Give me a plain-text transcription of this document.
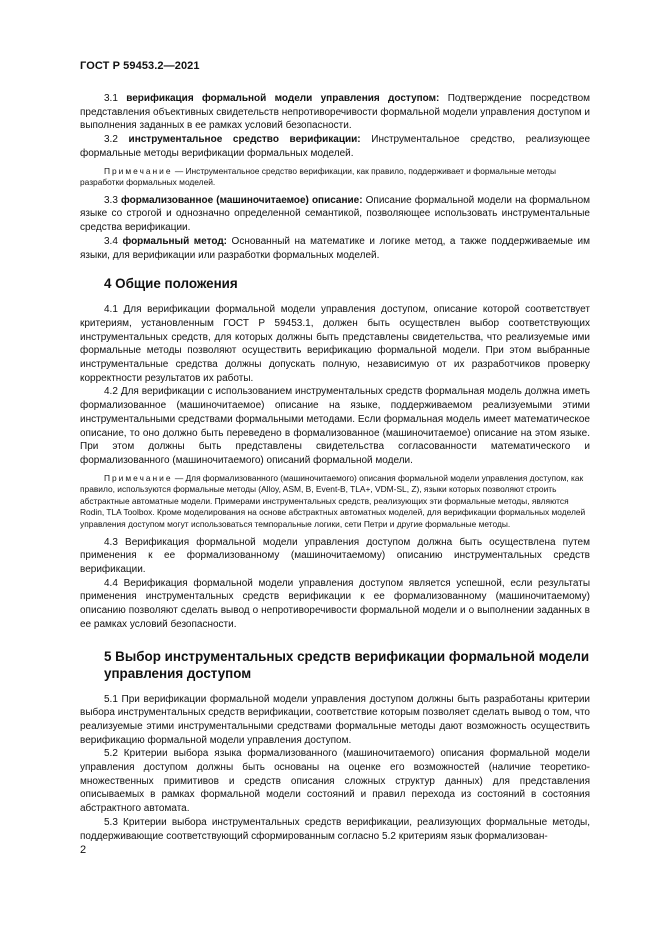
ГОСТ Р 59453.2—2021

3.1 верификация формальной модели управления доступом: Подтверждение посредством представления объективных свидетельств непротиворечивости формальной модели управления доступом и выполнения заданных в ее рамках условий безопасности.

3.2 инструментальное средство верификации: Инструментальное средство, реализующее формальные методы верификации формальных моделей.

Примечание — Инструментальное средство верификации, как правило, поддерживает и формальные методы разработки формальных моделей.

3.3 формализованное (машиночитаемое) описание: Описание формальной модели на формальном языке со строгой и однозначно определенной семантикой, позволяющее использовать инструментальные средства верификации.

3.4 формальный метод: Основанный на математике и логике метод, а также поддерживаемые им языки, для верификации или разработки формальных моделей.

4 Общие положения

4.1 Для верификации формальной модели управления доступом, описание которой соответствует критериям, установленным ГОСТ Р 59453.1, должен быть осуществлен выбор соответствующих инструментальных средств, для которых должны быть представлены свидетельства, что реализуемые ими формальные методы позволяют осуществить верификацию формальной модели. При этом выбранные инструментальные средства должны допускать полную, независимую от их разработчиков проверку корректности результатов их работы.

4.2 Для верификации с использованием инструментальных средств формальная модель должна иметь формализованное (машиночитаемое) описание на языке, поддерживаемом реализуемыми этими инструментальными средствами формальными методами. Если формальная модель имеет математическое описание, то оно должно быть переведено в формализованное (машиночитаемое) описание на этом языке. При этом должны быть представлены свидетельства согласованности математического и формализованного (машиночитаемого) описаний формальной модели.

Примечание — Для формализованного (машиночитаемого) описания формальной модели управления доступом, как правило, используются формальные методы (Alloy, ASM, B, Event-B, TLA+, VDM-SL, Z), языки которых позволяют строить абстрактные автоматные модели. Примерами инструментальных средств, реализующих эти формальные методы, являются Rodin, TLA Toolbox. Кроме моделирования на основе абстрактных автоматных моделей, для верификации формальных моделей управления доступом могут использоваться темпоральные логики, сети Петри и другие формальные методы.

4.3 Верификация формальной модели управления доступом должна быть осуществлена путем применения к ее формализованному (машиночитаемому) описанию инструментальных средств верификации.

4.4 Верификация формальной модели управления доступом является успешной, если результаты применения инструментальных средств верификации к ее формализованному (машиночитаемому) описанию позволяют сделать вывод о непротиворечивости формальной модели и о выполнении заданных в ее рамках условий безопасности.

5 Выбор инструментальных средств верификации формальной модели управления доступом

5.1 При верификации формальной модели управления доступом должны быть разработаны критерии выбора инструментальных средств верификации, соответствие которым позволяет сделать вывод о том, что реализуемые этими инструментальными средствами формальные методы дают возможность осуществить верификацию формальной модели управления доступом.

5.2 Критерии выбора языка формализованного (машиночитаемого) описания формальной модели управления доступом должны быть основаны на оценке его возможностей (наличие теоретико-множественных примитивов и средств описания сложных структур данных) для представления описываемых в рамках формальной модели состояний и правил перехода из состояний в состояния абстрактного автомата.

5.3 Критерии выбора инструментальных средств верификации, реализующих формальные методы, поддерживающие соответствующий сформированным согласно 5.2 критериям язык формализован-

2
